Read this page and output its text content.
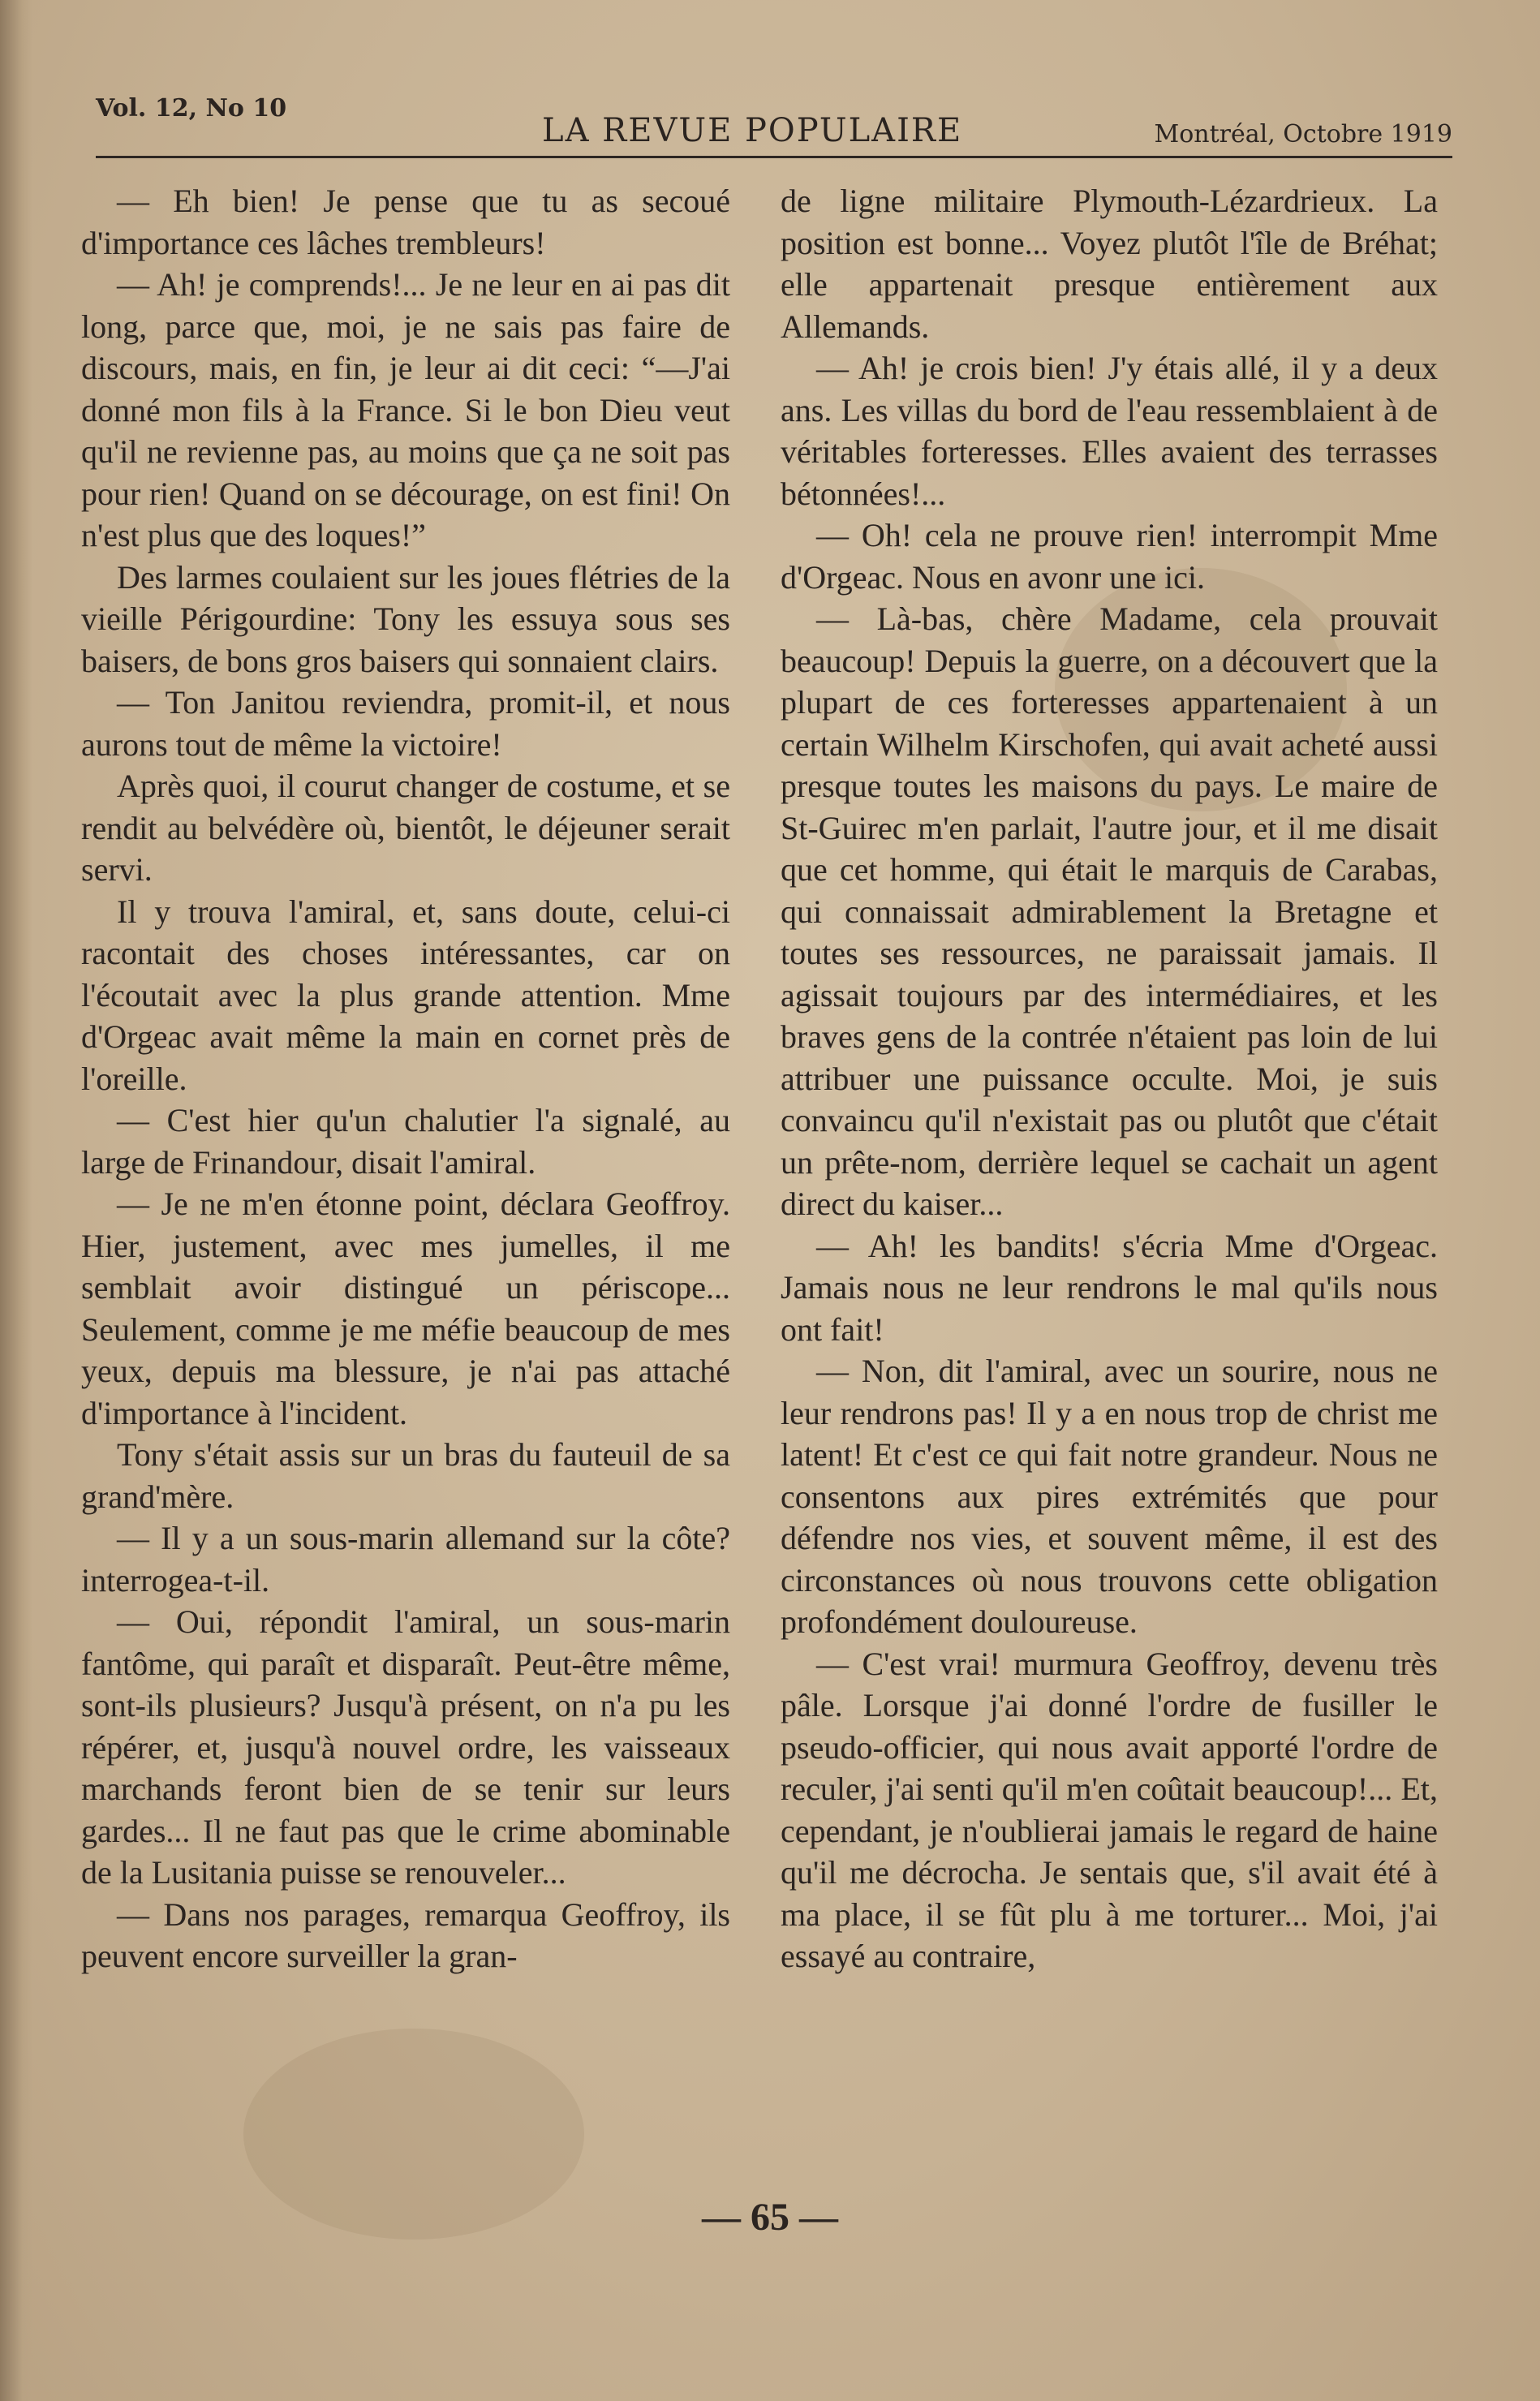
Vol. 12, No 10
LA REVUE POPULAIRE	Montréal, Octobre 1919

— Eh bien! Je pense que tu as secoué d'importance ces lâches trembleurs!

— Ah! je comprends!... Je ne leur en ai pas dit long, parce que, moi, je ne sais pas faire de discours, mais, en fin, je leur ai dit ceci: “—J'ai donné mon fils à la France. Si le bon Dieu veut qu'il ne revienne pas, au moins que ça ne soit pas pour rien! Quand on se décourage, on est fini! On n'est plus que des loques!”

Des larmes coulaient sur les joues flétries de la vieille Périgourdine: Tony les essuya sous ses baisers, de bons gros baisers qui sonnaient clairs.

— Ton Janitou reviendra, promit-il, et nous aurons tout de même la victoire!

Après quoi, il courut changer de costume, et se rendit au belvédère où, bientôt, le déjeuner serait servi.

Il y trouva l'amiral, et, sans doute, celui-ci racontait des choses intéressantes, car on l'écoutait avec la plus grande attention. Mme d'Orgeac avait même la main en cornet près de l'oreille.

— C'est hier qu'un chalutier l'a signalé, au large de Frinandour, disait l'amiral.

— Je ne m'en étonne point, déclara Geoffroy. Hier, justement, avec mes jumelles, il me semblait avoir distingué un périscope... Seulement, comme je me méfie beaucoup de mes yeux, depuis ma blessure, je n'ai pas attaché d'importance à l'incident.

Tony s'était assis sur un bras du fauteuil de sa grand'mère.

— Il y a un sous-marin allemand sur la côte? interrogea-t-il.

— Oui, répondit l'amiral, un sous-marin fantôme, qui paraît et disparaît. Peut-être même, sont-ils plusieurs? Jusqu'à présent, on n'a pu les répérer, et, jusqu'à nouvel ordre, les vaisseaux marchands feront bien de se tenir sur leurs gardes... Il ne faut pas que le crime abominable de la Lusitania puisse se renouveler...

— Dans nos parages, remarqua Geoffroy, ils peuvent encore surveiller la gran-

de ligne militaire Plymouth-Lézardrieux. La position est bonne... Voyez plutôt l'île de Bréhat; elle appartenait presque entièrement aux Allemands.

— Ah! je crois bien! J'y étais allé, il y a deux ans. Les villas du bord de l'eau ressemblaient à de véritables forteresses. Elles avaient des terrasses bétonnées!...

— Oh! cela ne prouve rien! interrompit Mme d'Orgeac. Nous en avonr une ici.

— Là-bas, chère Madame, cela prouvait beaucoup! Depuis la guerre, on a découvert que la plupart de ces forteresses appartenaient à un certain Wilhelm Kirschofen, qui avait acheté aussi presque toutes les maisons du pays. Le maire de St-Guirec m'en parlait, l'autre jour, et il me disait que cet homme, qui était le marquis de Carabas, qui connaissait admirablement la Bretagne et toutes ses ressources, ne paraissait jamais. Il agissait toujours par des intermédiaires, et les braves gens de la contrée n'étaient pas loin de lui attribuer une puissance occulte. Moi, je suis convaincu qu'il n'existait pas ou plutôt que c'était un prête-nom, derrière lequel se cachait un agent direct du kaiser...

— Ah! les bandits! s'écria Mme d'Orgeac. Jamais nous ne leur rendrons le mal qu'ils nous ont fait!

— Non, dit l'amiral, avec un sourire, nous ne leur rendrons pas! Il y a en nous trop de christ me latent! Et c'est ce qui fait notre grandeur. Nous ne consentons aux pires extrémités que pour défendre nos vies, et souvent même, il est des circonstances où nous trouvons cette obligation profondément douloureuse.

— C'est vrai! murmura Geoffroy, devenu très pâle. Lorsque j'ai donné l'ordre de fusiller le pseudo-officier, qui nous avait apporté l'ordre de reculer, j'ai senti qu'il m'en coûtait beaucoup!... Et, cependant, je n'oublierai jamais le regard de haine qu'il me décrocha. Je sentais que, s'il avait été à ma place, il se fût plu à me torturer... Moi, j'ai essayé au contraire,

— 65 —
